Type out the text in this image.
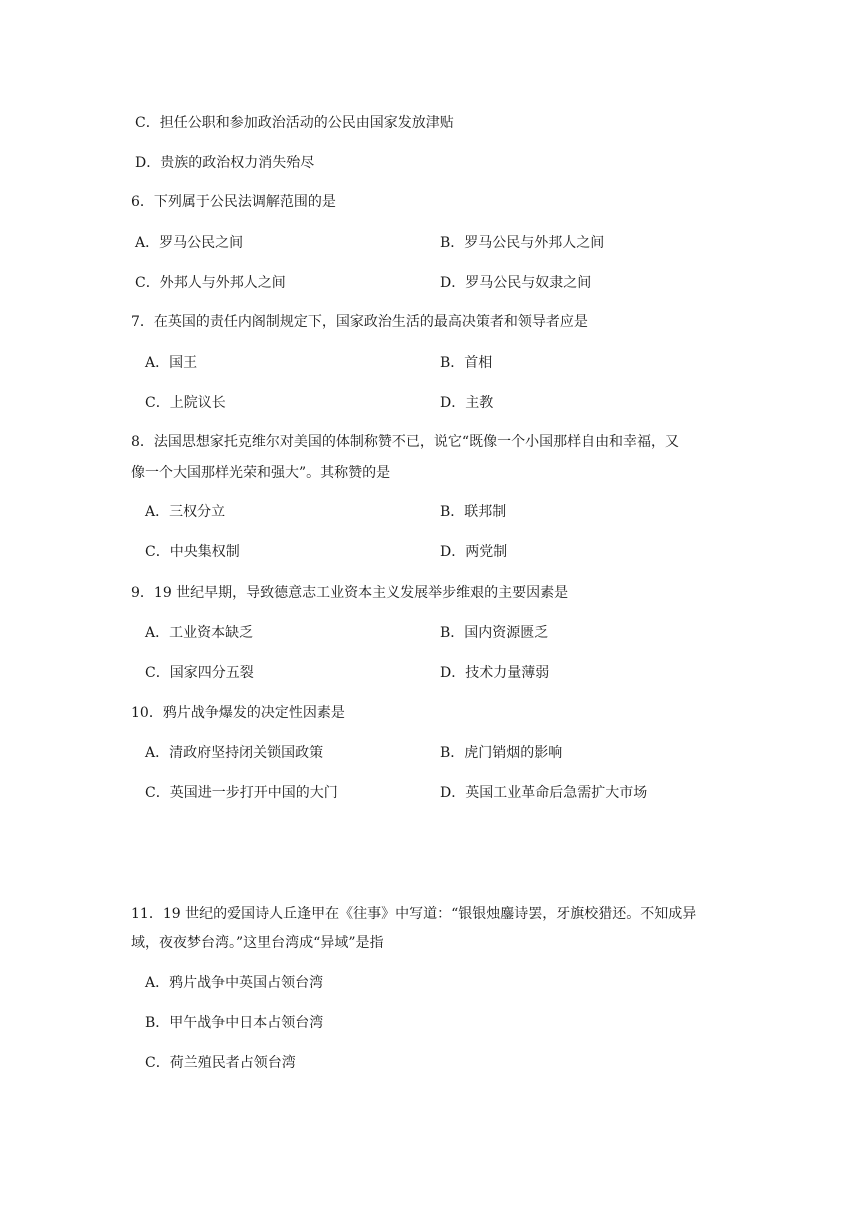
C．担任公职和参加政治活动的公民由国家发放津贴
D．贵族的政治权力消失殆尽
6．下列属于公民法调解范围的是
A．罗马公民之间	B．罗马公民与外邦人之间
C．外邦人与外邦人之间	D．罗马公民与奴隶之间
7．在英国的责任内阁制规定下，国家政治生活的最高决策者和领导者应是
A．国王	B．首相
C．上院议长	D．主教
8．法国思想家托克维尔对美国的体制称赞不已，说它“既像一个小国那样自由和幸福，又
像一个大国那样光荣和强大”。其称赞的是
A．三权分立	B．联邦制
C．中央集权制	D．两党制
9．19 世纪早期，导致德意志工业资本主义发展举步维艰的主要因素是
A．工业资本缺乏	B．国内资源匮乏
C．国家四分五裂	D．技术力量薄弱
10．鸦片战争爆发的决定性因素是
A．清政府坚持闭关锁国政策	B．虎门销烟的影响
C．英国进一步打开中国的大门	D．英国工业革命后急需扩大市场
11．19 世纪的爱国诗人丘逢甲在《往事》中写道：“银银烛鏖诗罢，牙旗校猎还。不知成异
域，夜夜梦台湾。”这里台湾成“异域”是指
A．鸦片战争中英国占领台湾
B．甲午战争中日本占领台湾
C．荷兰殖民者占领台湾
